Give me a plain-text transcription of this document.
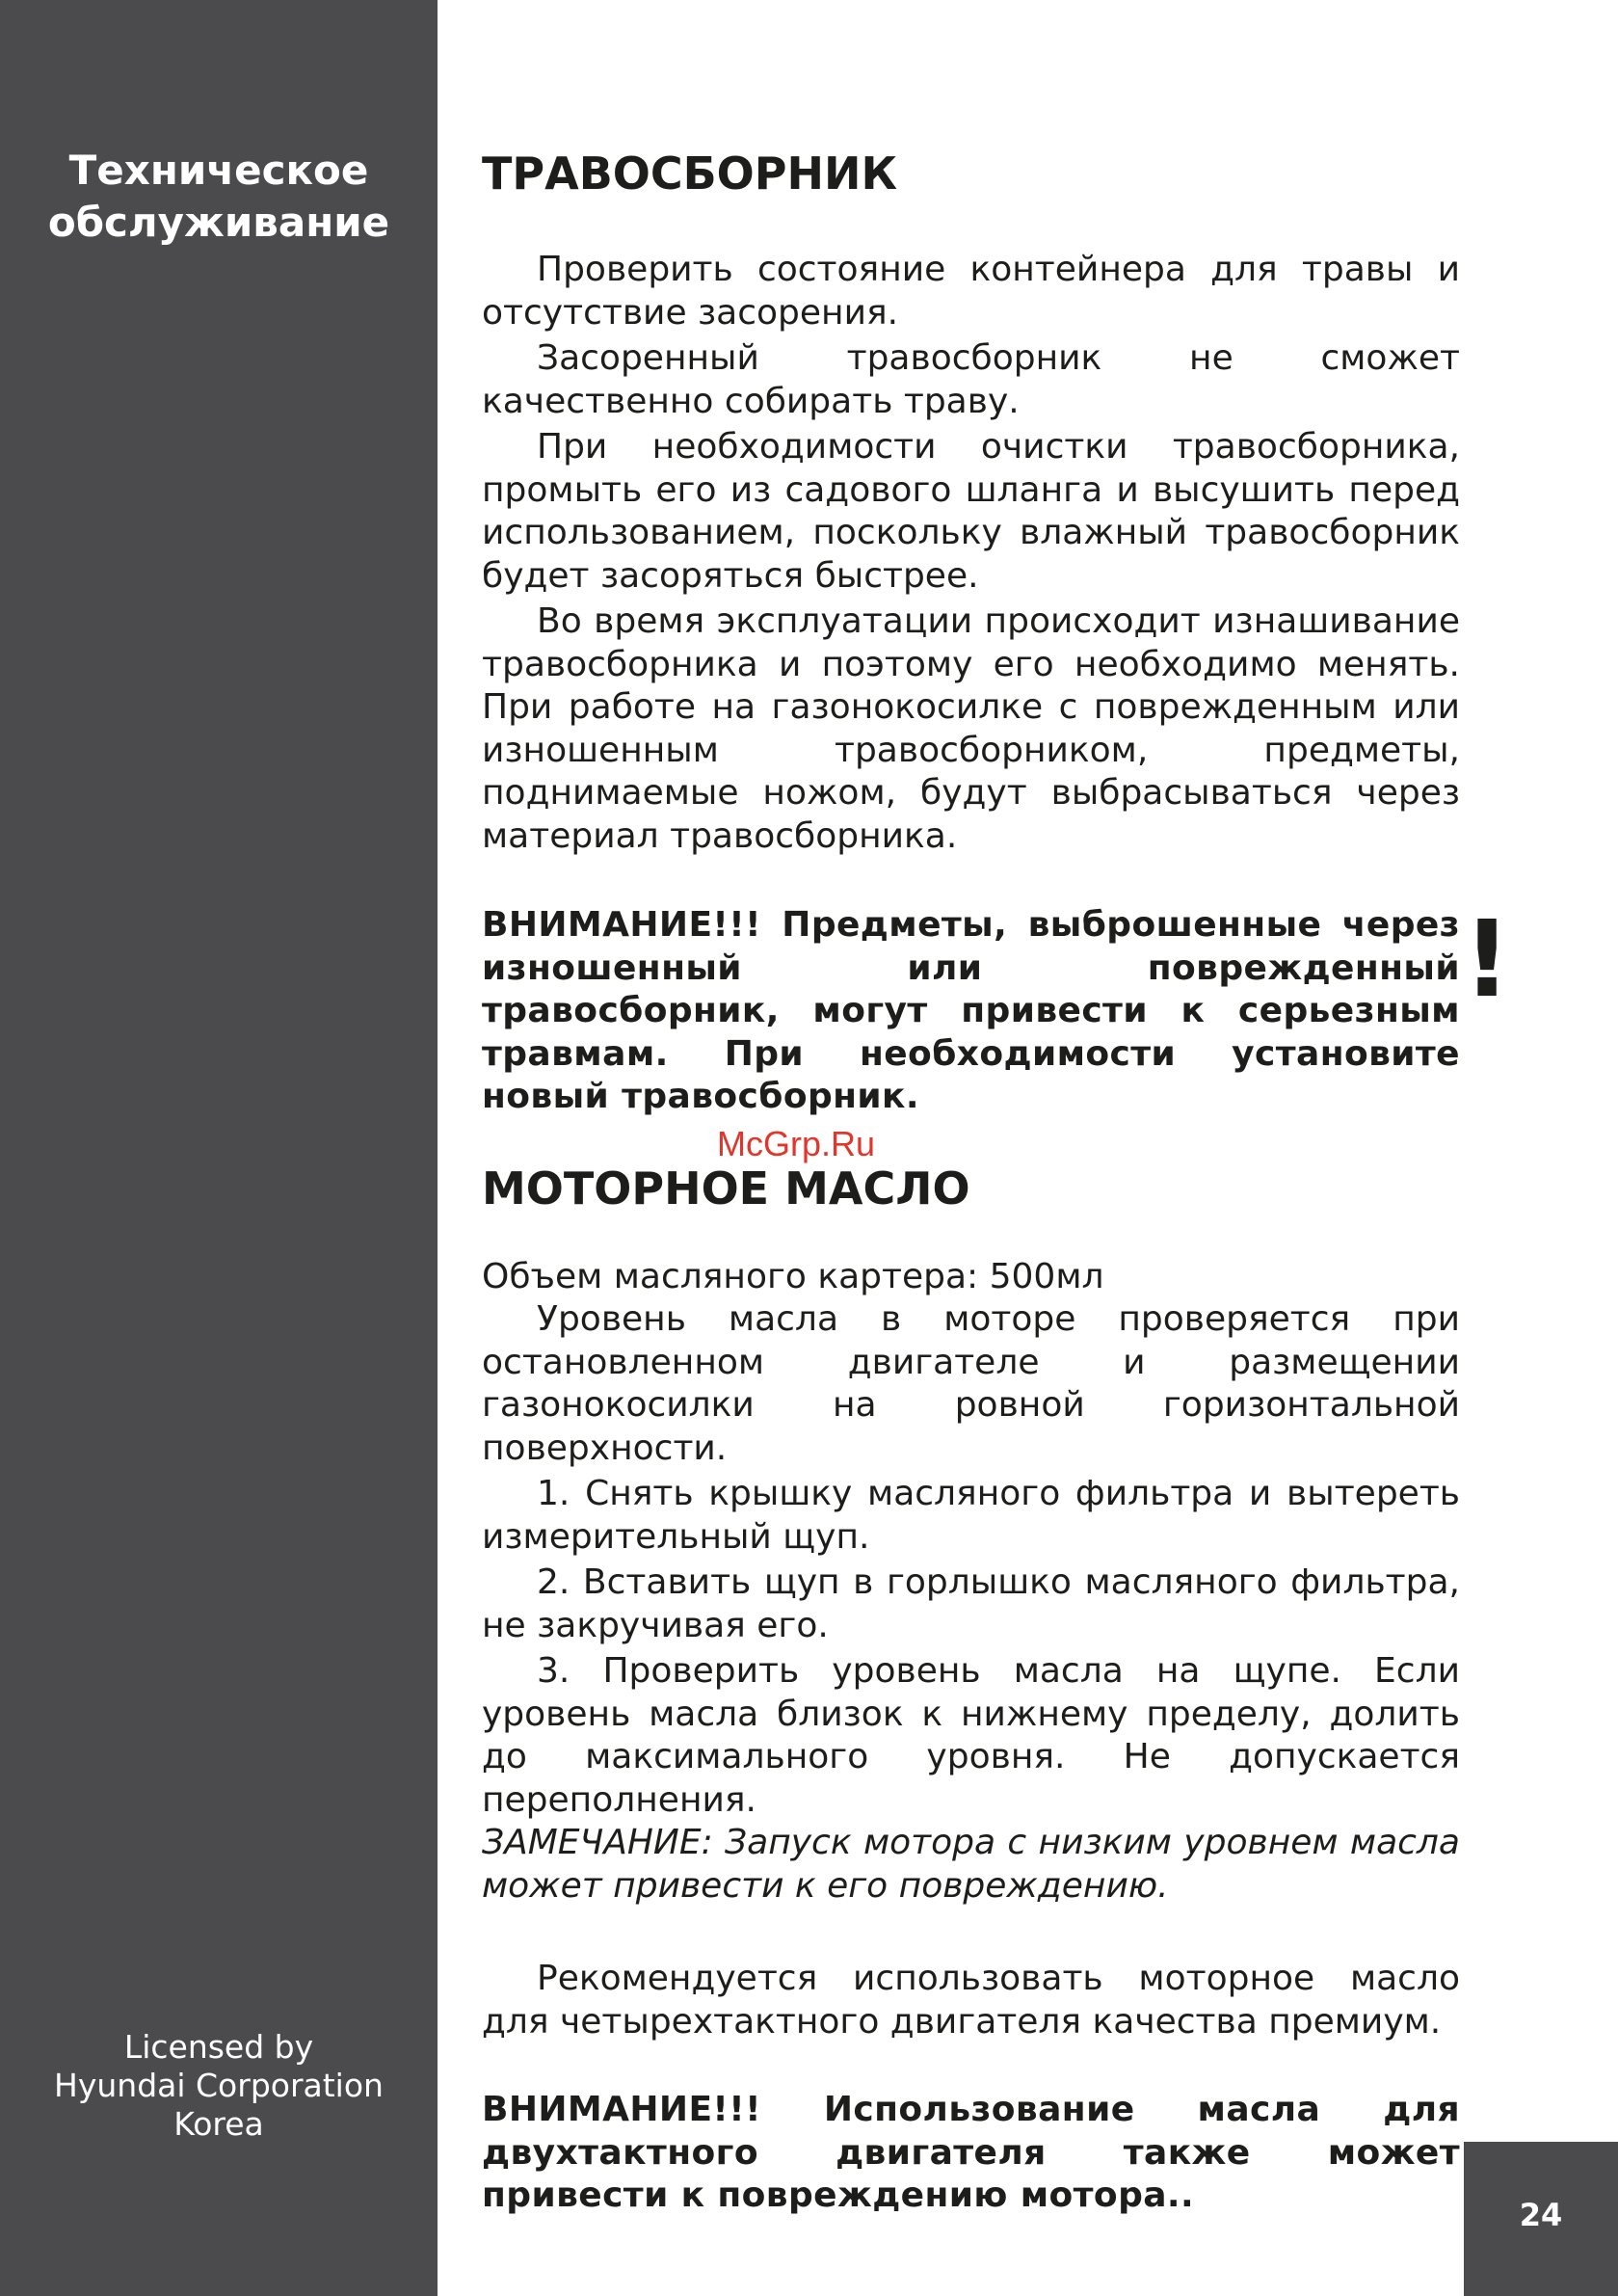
Техническое
обслуживание
Licensed by
Hyundai Corporation
Korea
24
!
McGrp.Ru
ТРАВОСБОРНИК

Проверить состояние контейнера для травы и отсутствие засорения.

Засоренный травосборник не сможет качественно собирать траву.

При необходимости очистки травосборника, промыть его из садового шланга и высушить перед использованием, поскольку влажный травосборник будет засоряться быстрее.

Во время эксплуатации происходит изнашивание травосборника и поэтому его необходимо менять. При работе на газонокосилке с поврежденным или изношенным травосборником, предметы, поднимаемые ножом, будут выбрасываться через материал травосборника.

ВНИМАНИЕ!!! Предметы, выброшенные через изношенный или поврежденный травосборник, могут привести к серьезным травмам. При необходимости установите новый травосборник.

МОТОРНОЕ МАСЛО

Объем масляного картера: 500мл

Уровень масла в моторе проверяется при остановленном двигателе и размещении газонокосилки на ровной горизонтальной поверхности.

1. Снять крышку масляного фильтра и вытереть измерительный щуп.

2. Вставить щуп в горлышко масляного фильтра, не закручивая его.

3. Проверить уровень масла на щупе. Если уровень масла близок к нижнему пределу, долить до максимального уровня. Не допускается переполнения.

ЗАМЕЧАНИЕ: Запуск мотора с низким уровнем масла может привести к его повреждению.

Рекомендуется использовать моторное масло для четырехтактного двигателя качества премиум.

ВНИМАНИЕ!!! Использование масла для двухтактного двигателя также может привести к повреждению мотора..
